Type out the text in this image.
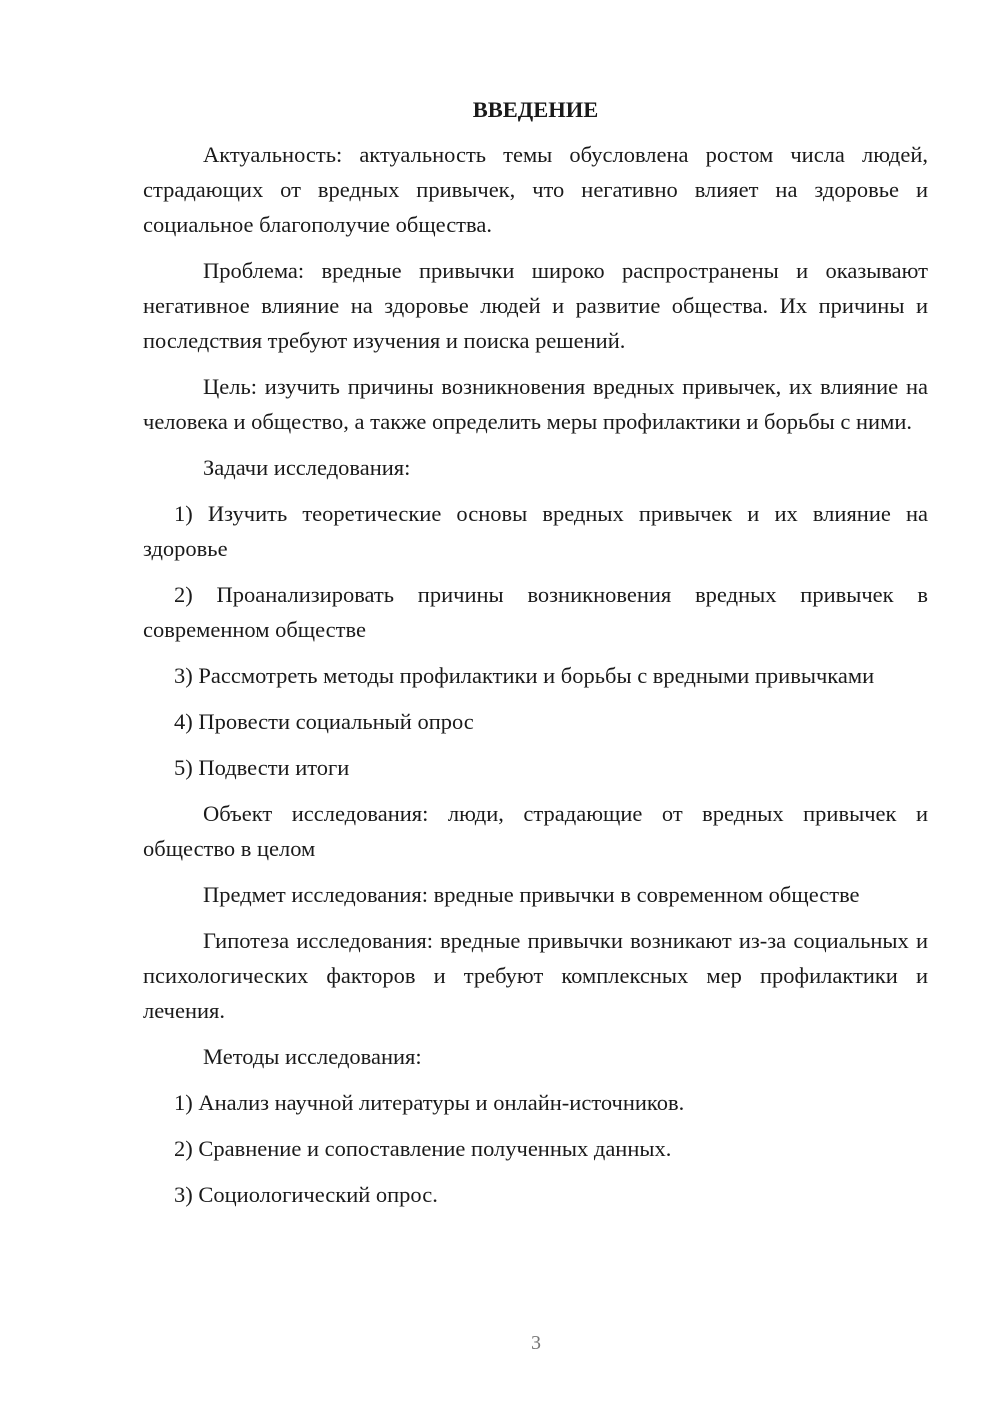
ВВЕДЕНИЕ

Актуальность: актуальность темы обусловлена ростом числа людей, страдающих от вредных привычек, что негативно влияет на здоровье и социальное благополучие общества.

Проблема: вредные привычки широко распространены и оказывают негативное влияние на здоровье людей и развитие общества. Их причины и последствия требуют изучения и поиска решений.

Цель: изучить причины возникновения вредных привычек, их влияние на человека и общество, а также определить меры профилактики и борьбы с ними.

Задачи исследования:

1) Изучить теоретические основы вредных привычек и их влияние на здоровье

2) Проанализировать причины возникновения вредных привычек в современном обществе

3) Рассмотреть методы профилактики и борьбы с вредными привычками

4) Провести социальный опрос

5) Подвести итоги

Объект исследования: люди, страдающие от вредных привычек и общество в целом

Предмет исследования: вредные привычки в современном обществе

Гипотеза исследования: вредные привычки возникают из-за социальных и психологических факторов и требуют комплексных мер профилактики и лечения.

Методы исследования:

1) Анализ научной литературы и онлайн-источников.

2) Сравнение и сопоставление полученных данных.

3) Социологический опрос.

3
